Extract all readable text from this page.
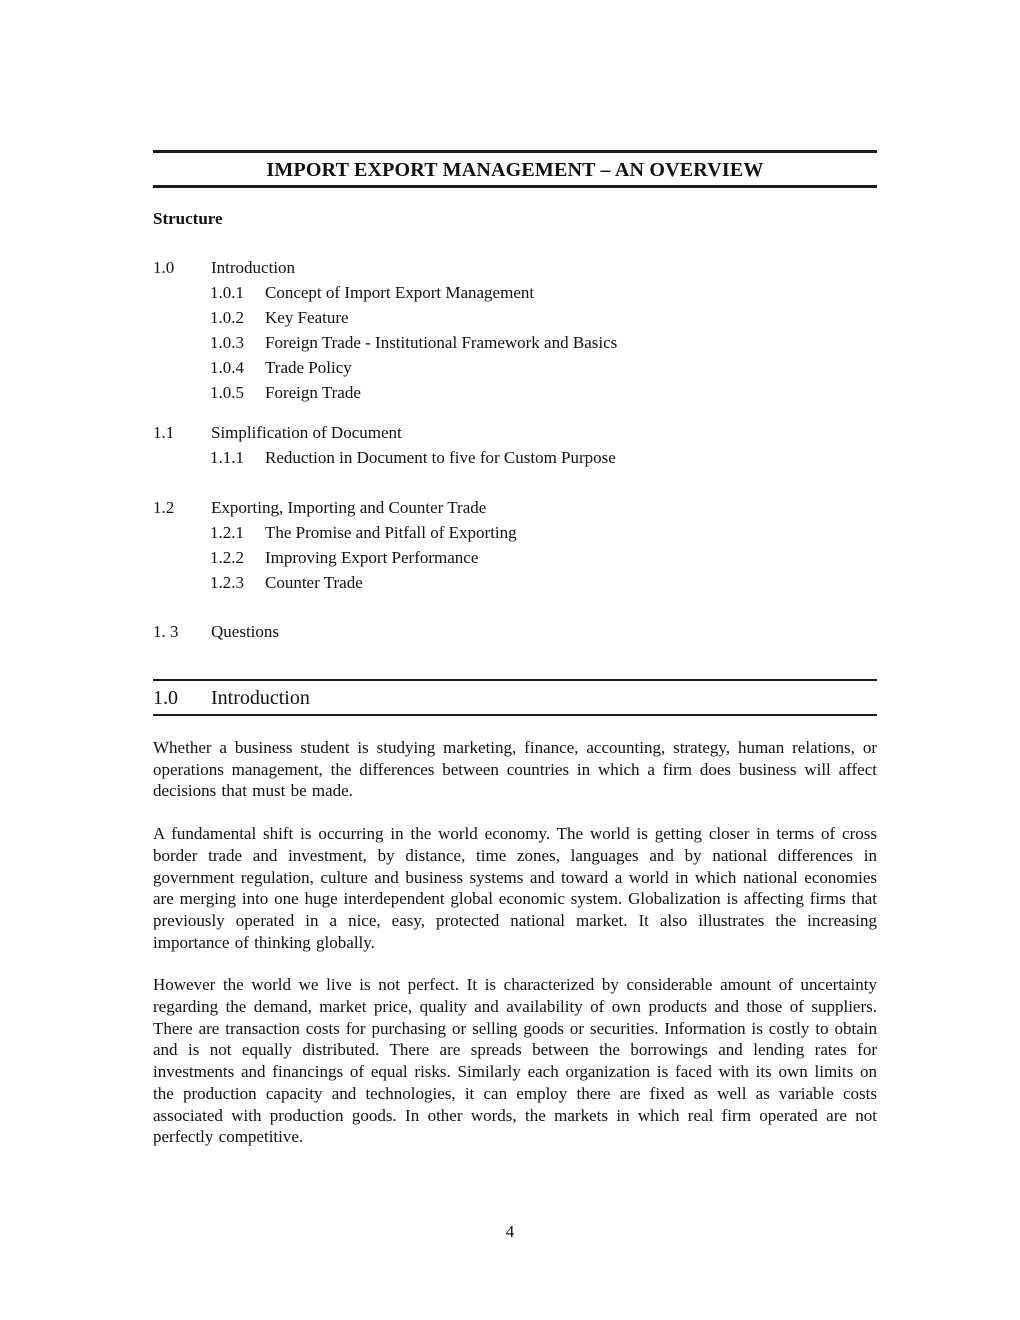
IMPORT EXPORT MANAGEMENT – AN OVERVIEW
Structure
1.0	Introduction
1.0.1	Concept of Import Export Management
1.0.2	Key Feature
1.0.3	Foreign Trade - Institutional Framework and Basics
1.0.4	Trade Policy
1.0.5	Foreign Trade
1.1	Simplification of Document
1.1.1	Reduction in Document to five for Custom Purpose
1.2	Exporting, Importing and Counter Trade
1.2.1	The Promise and Pitfall of Exporting
1.2.2	Improving Export Performance
1.2.3	Counter Trade
1. 3	Questions
1.0	Introduction

Whether a business student is studying marketing, finance, accounting, strategy, human relations, or operations management, the differences between countries in which a firm does business will affect decisions that must be made.

A fundamental shift is occurring in the world economy. The world is getting closer in terms of cross border trade and investment, by distance, time zones, languages and by national differences in government regulation, culture and business systems and toward a world in which national economies are merging into one huge interdependent global economic system. Globalization is affecting firms that previously operated in a nice, easy, protected national market. It also illustrates the increasing importance of thinking globally.

However the world we live is not perfect. It is characterized by considerable amount of uncertainty regarding the demand, market price, quality and availability of own products and those of suppliers. There are transaction costs for purchasing or selling goods or securities. Information is costly to obtain and is not equally distributed. There are spreads between the borrowings and lending rates for investments and financings of equal risks. Similarly each organization is faced with its own limits on the production capacity and technologies, it can employ there are fixed as well as variable costs associated with production goods. In other words, the markets in which real firm operated are not perfectly competitive.

4
